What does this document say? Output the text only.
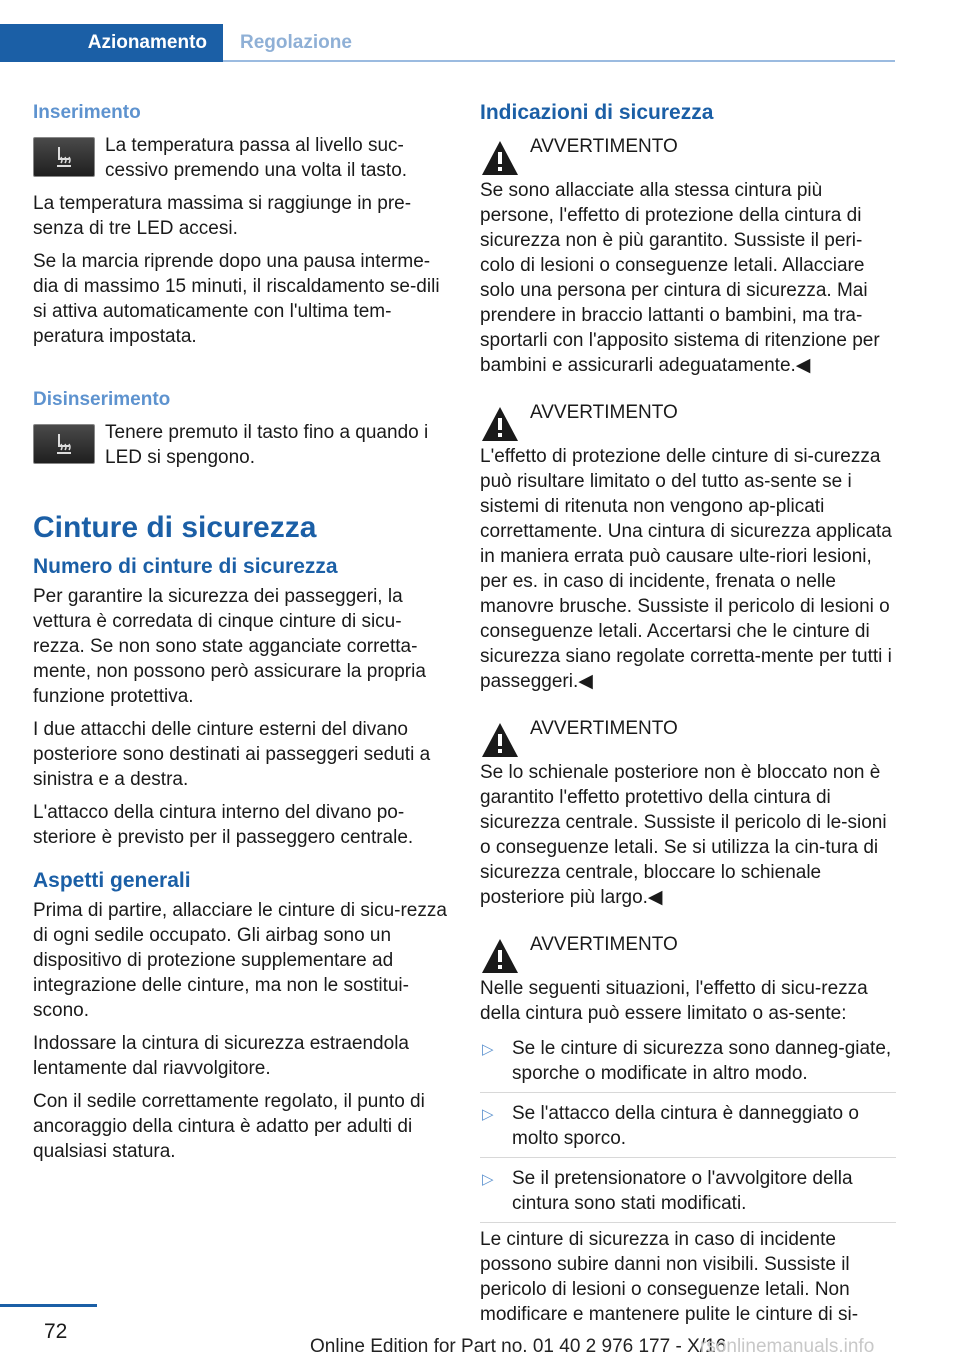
Azionamento	Regolazione
Inserimento
La temperatura passa al livello suc-cessivo premendo una volta il tasto.

La temperatura massima si raggiunge in pre-senza di tre LED accesi.

Se la marcia riprende dopo una pausa interme-dia di massimo 15 minuti, il riscaldamento se-dili si attiva automaticamente con l'ultima tem-peratura impostata.

Disinserimento
Tenere premuto il tasto fino a quando i LED si spengono.
Cinture di sicurezza
Numero di cinture di sicurezza

Per garantire la sicurezza dei passeggeri, la vettura è corredata di cinque cinture di sicu-rezza. Se non sono state agganciate corretta-mente, non possono però assicurare la propria funzione protettiva.

I due attacchi delle cinture esterni del divano posteriore sono destinati ai passeggeri seduti a sinistra e a destra.

L'attacco della cintura interno del divano po-steriore è previsto per il passeggero centrale.

Aspetti generali

Prima di partire, allacciare le cinture di sicu-rezza di ogni sedile occupato. Gli airbag sono un dispositivo di protezione supplementare ad integrazione delle cinture, ma non le sostitui-scono.

Indossare la cintura di sicurezza estraendola lentamente dal riavvolgitore.

Con il sedile correttamente regolato, il punto di ancoraggio della cintura è adatto per adulti di qualsiasi statura.

Indicazioni di sicurezza
AVVERTIMENTO
Se sono allacciate alla stessa cintura più persone, l'effetto di protezione della cintura di sicurezza non è più garantito. Sussiste il peri-colo di lesioni o conseguenze letali. Allacciare solo una persona per cintura di sicurezza. Mai prendere in braccio lattanti o bambini, ma tra-sportarli con l'apposito sistema di ritenzione per bambini e assicurarli adeguatamente.◀
AVVERTIMENTO
L'effetto di protezione delle cinture di si-curezza può risultare limitato o del tutto as-sente se i sistemi di ritenuta non vengono ap-plicati correttamente. Una cintura di sicurezza applicata in maniera errata può causare ulte-riori lesioni, per es. in caso di incidente, frenata o nelle manovre brusche. Sussiste il pericolo di lesioni o conseguenze letali. Accertarsi che le cinture di sicurezza siano regolate corretta-mente per tutti i passeggeri.◀
AVVERTIMENTO
Se lo schienale posteriore non è bloccato non è garantito l'effetto protettivo della cintura di sicurezza centrale. Sussiste il pericolo di le-sioni o conseguenze letali. Se si utilizza la cin-tura di sicurezza centrale, bloccare lo schienale posteriore più largo.◀
AVVERTIMENTO
Nelle seguenti situazioni, l'effetto di sicu-rezza della cintura può essere limitato o as-sente:
▷ Se le cinture di sicurezza sono danneg-giate, sporche o modificate in altro modo.
▷ Se l'attacco della cintura è danneggiato o molto sporco.
▷ Se il pretensionatore o l'avvolgitore della cintura sono stati modificati.

Le cinture di sicurezza in caso di incidente possono subire danni non visibili. Sussiste il pericolo di lesioni o conseguenze letali. Non modificare e mantenere pulite le cinture di si-

72
Online Edition for Part no. 01 40 2 976 177 - X/16
rsonlinemanuals.info
